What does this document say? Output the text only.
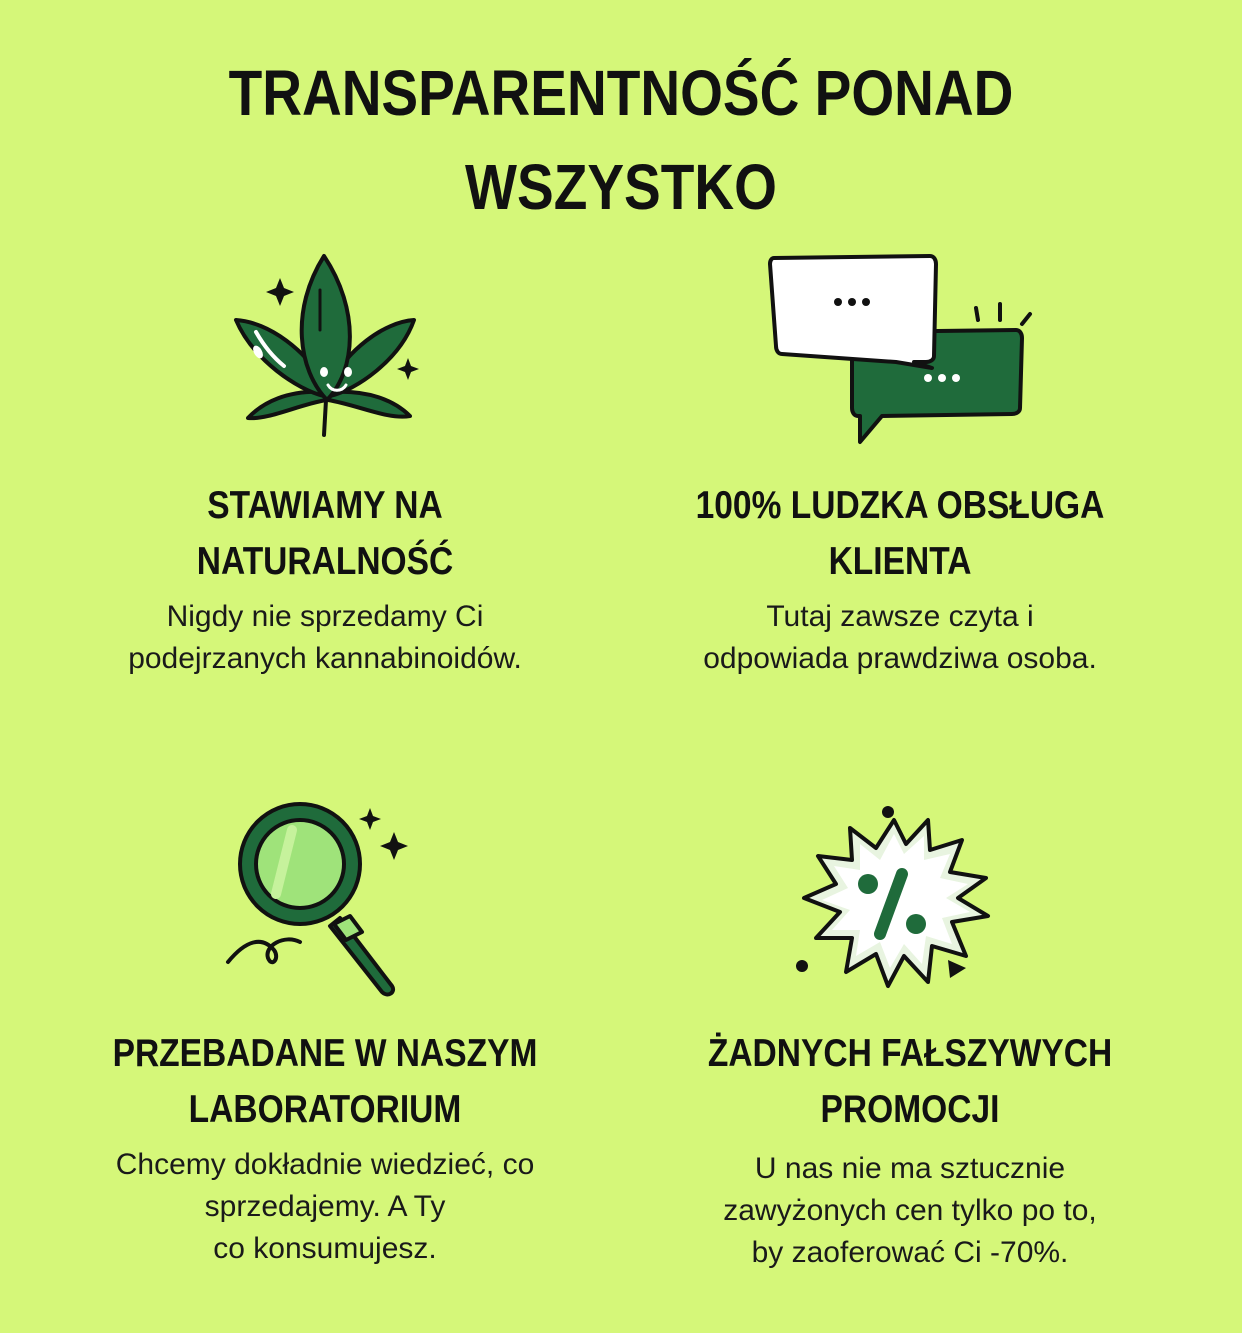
TRANSPARENTNOŚĆ PONAD
WSZYSTKO
STAWIAMY NA
NATURALNOŚĆ

Nigdy nie sprzedamy Ci
podejrzanych kannabinoidów.

100% LUDZKA OBSŁUGA
KLIENTA

Tutaj zawsze czyta i
odpowiada prawdziwa osoba.

PRZEBADANE W NASZYM
LABORATORIUM

Chcemy dokładnie wiedzieć, co
sprzedajemy. A Ty
co konsumujesz.

ŻADNYCH FAŁSZYWYCH
PROMOCJI

U nas nie ma sztucznie
zawyżonych cen tylko po to,
by zaoferować Ci -70%.
